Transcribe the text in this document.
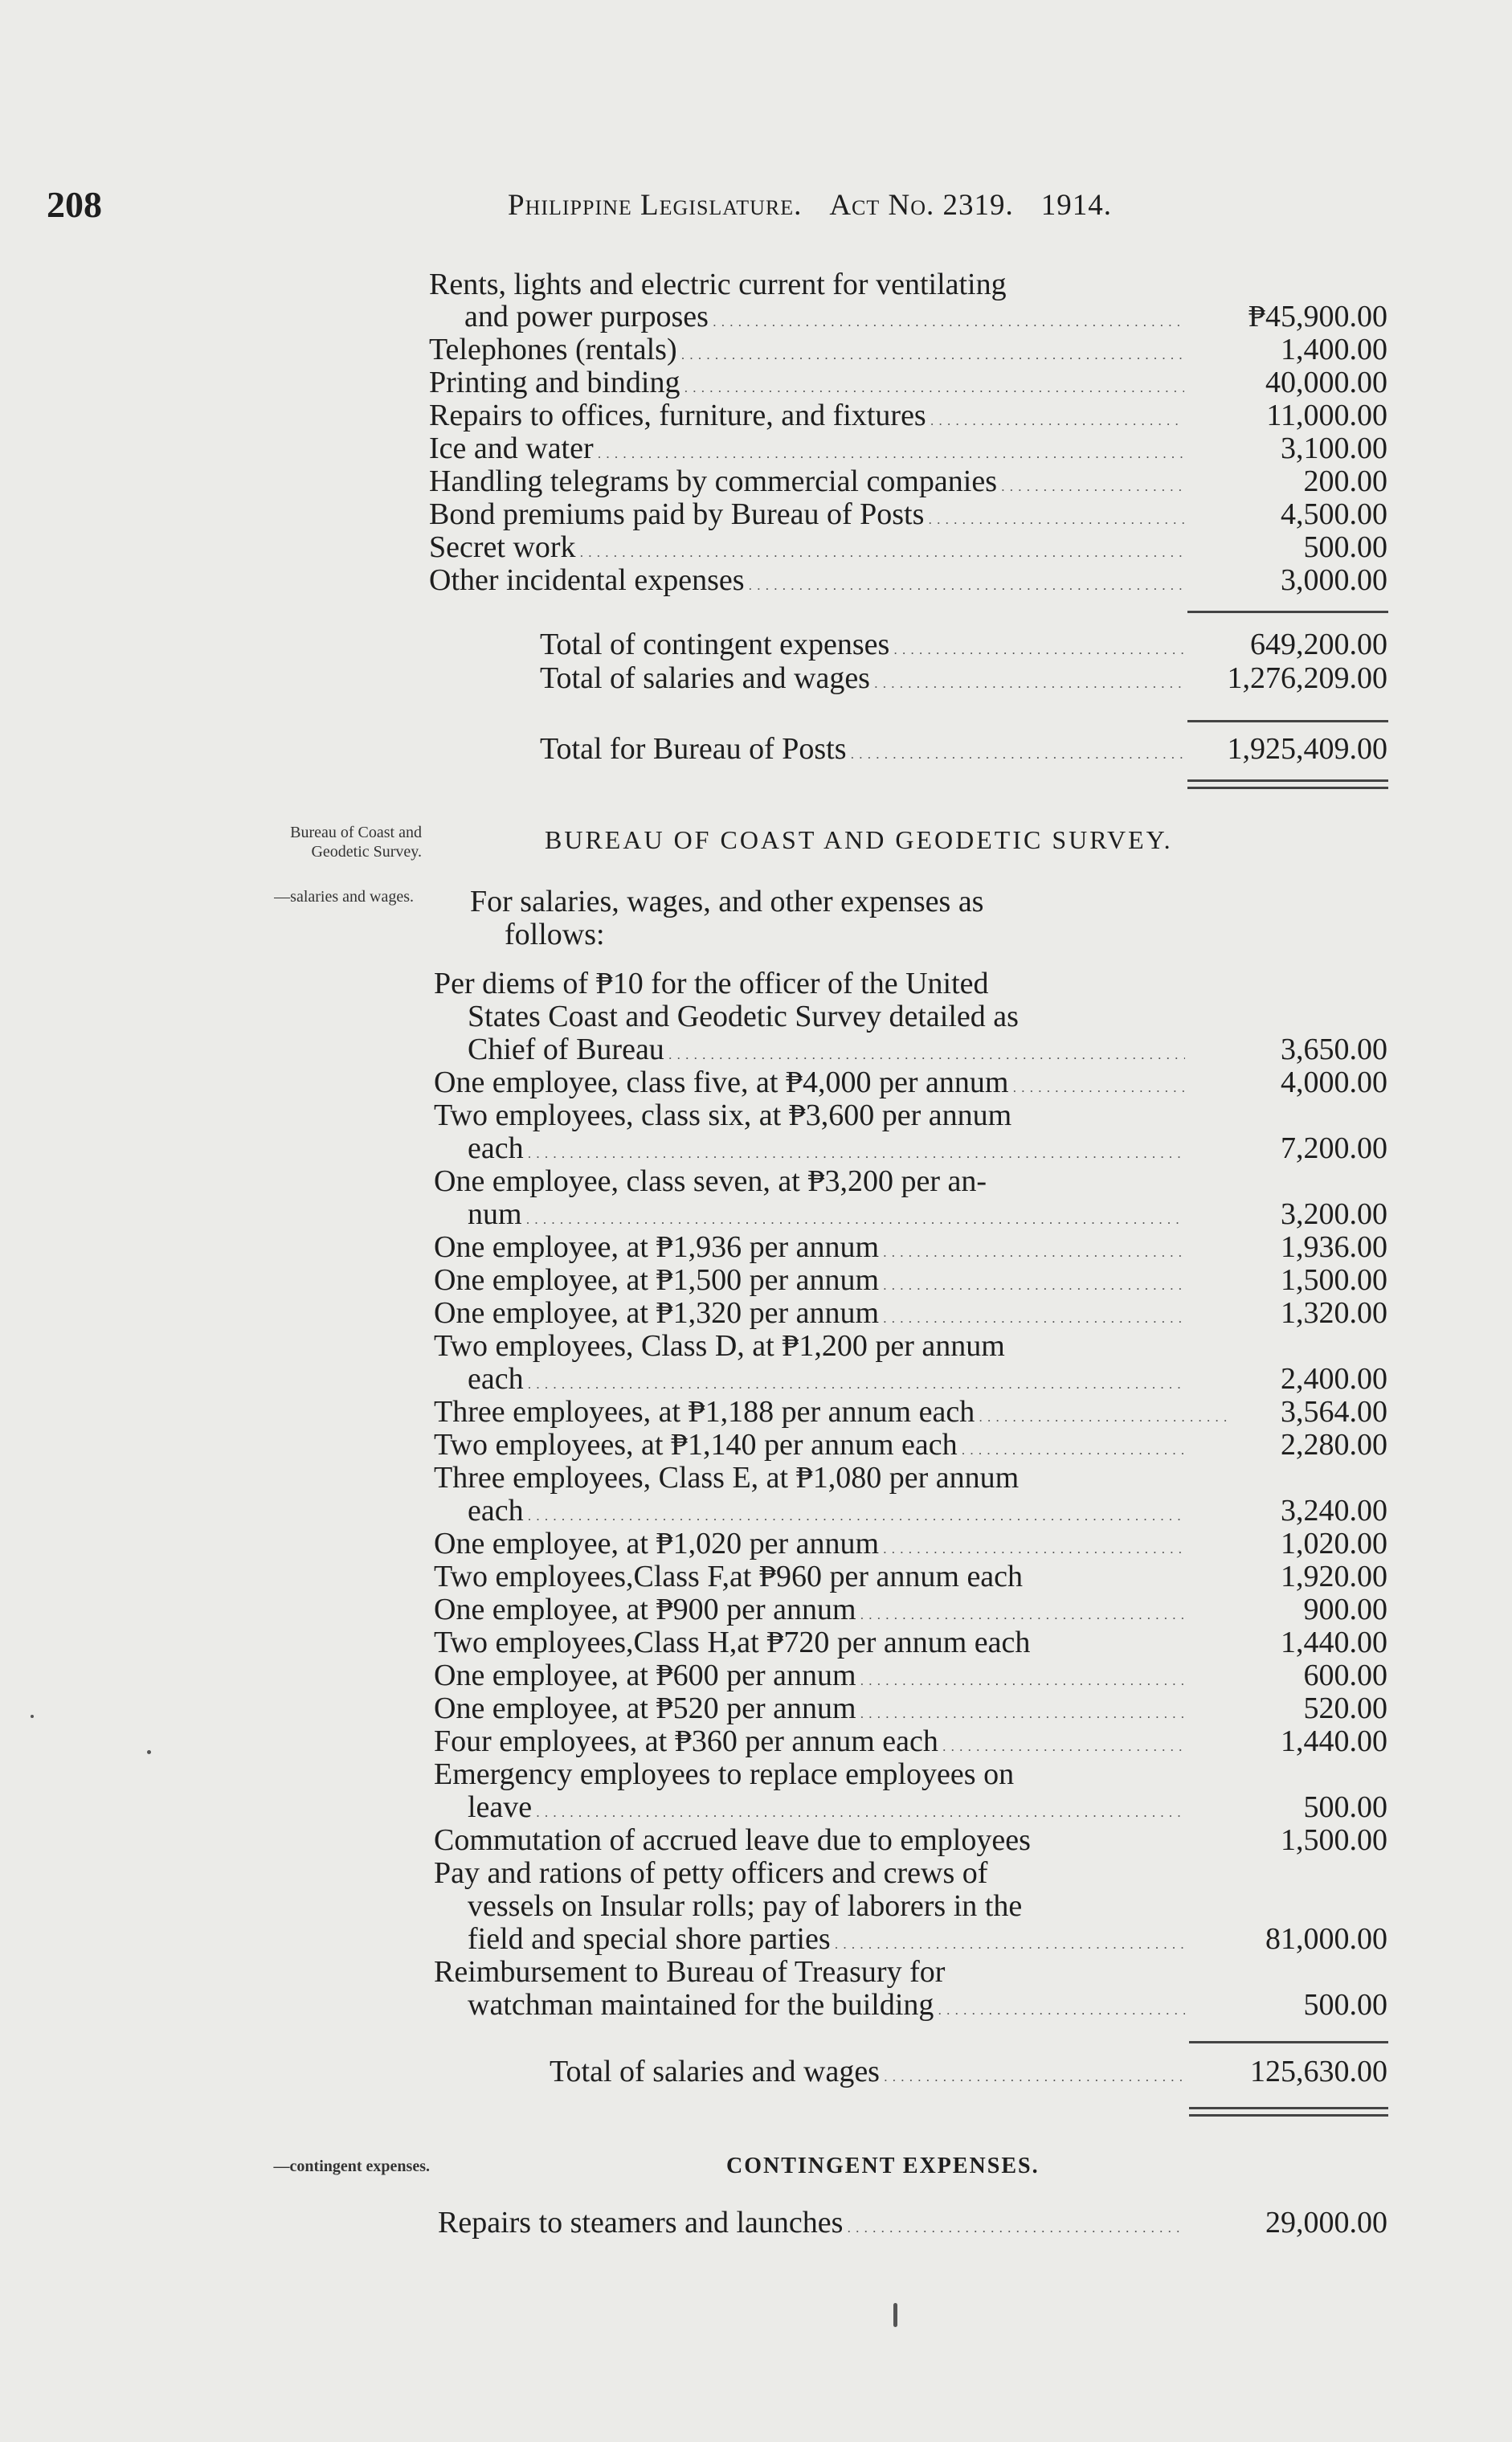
208	Philippine Legislature. Act No. 2319. 1914.
Rents, lights and electric current for ventilating
and power purposes . . .	₱45,900.00
Telephones (rentals) . . .	1,400.00
Printing and binding . . .	40,000.00
Repairs to offices, furniture, and fixtures . . .	11,000.00
Ice and water . . .	3,100.00
Handling telegrams by commercial companies . . .	200.00
Bond premiums paid by Bureau of Posts . . .	4,500.00
Secret work . . .	500.00
Other incidental expenses . . .	3,000.00
Total of contingent expenses . . .	649,200.00
Total of salaries and wages . . .	1,276,209.00
Total for Bureau of Posts . . .	1,925,409.00
Bureau of Coast and
Geodetic Survey.
—salaries and wages.
BUREAU OF COAST AND GEODETIC SURVEY.
For salaries, wages, and other expenses as
follows:
Per diems of ₱10 for the officer of the United
States Coast and Geodetic Survey detailed as
Chief of Bureau . . .	3,650.00
One employee, class five, at ₱4,000 per annum . . .	4,000.00
Two employees, class six, at ₱3,600 per annum
each . . .	7,200.00
One employee, class seven, at ₱3,200 per an-
num . . .	3,200.00
One employee, at ₱1,936 per annum . . .	1,936.00
One employee, at ₱1,500 per annum . . .	1,500.00
One employee, at ₱1,320 per annum . . .	1,320.00
Two employees, Class D, at ₱1,200 per annum
each . . .	2,400.00
Three employees, at ₱1,188 per annum each . . .	3,564.00
Two employees, at ₱1,140 per annum each . . .	2,280.00
Three employees, Class E, at ₱1,080 per annum
each . . .	3,240.00
One employee, at ₱1,020 per annum . . .	1,020.00
Two employees,Class F,at ₱960 per annum each	1,920.00
One employee, at ₱900 per annum . . .	900.00
Two employees,Class H,at ₱720 per annum each	1,440.00
One employee, at ₱600 per annum . . .	600.00
One employee, at ₱520 per annum . . .	520.00
Four employees, at ₱360 per annum each . . .	1,440.00
Emergency employees to replace employees on
leave . . .	500.00
Commutation of accrued leave due to employees	1,500.00
Pay and rations of petty officers and crews of
vessels on Insular rolls; pay of laborers in the
field and special shore parties . . .	81,000.00
Reimbursement to Bureau of Treasury for
watchman maintained for the building . . .	500.00
Total of salaries and wages . . .	125,630.00
—contingent expenses.	CONTINGENT EXPENSES.
Repairs to steamers and launches . . .	29,000.00
